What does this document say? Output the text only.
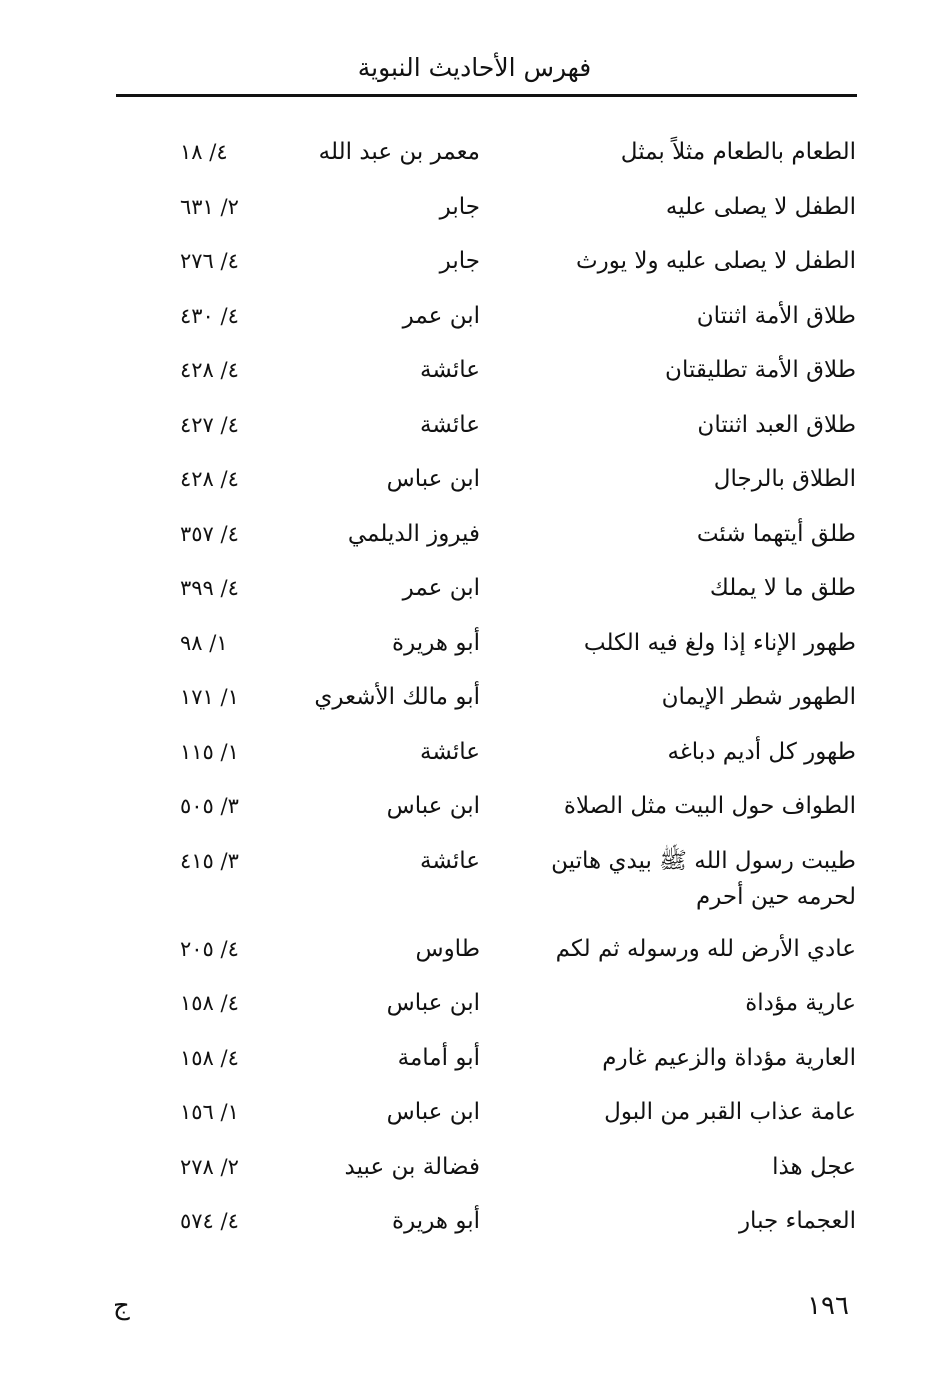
فهرس الأحاديث النبوية
الطعام بالطعام مثلاً بمثل
معمر بن عبد الله
٤/ ١٨
الطفل لا يصلى عليه
جابر
٢/ ٦٣١
الطفل لا يصلى عليه ولا يورث
جابر
٤/ ٢٧٦
طلاق الأمة اثنتان
ابن عمر
٤/ ٤٣٠
طلاق الأمة تطليقتان
عائشة
٤/ ٤٢٨
طلاق العبد اثنتان
عائشة
٤/ ٤٢٧
الطلاق بالرجال
ابن عباس
٤/ ٤٢٨
طلق أيتهما شئت
فيروز الديلمي
٤/ ٣٥٧
طلق ما لا يملك
ابن عمر
٤/ ٣٩٩
طهور الإناء إذا ولغ فيه الكلب
أبو هريرة
١/ ٩٨
الطهور شطر الإيمان
أبو مالك الأشعري
١/ ١٧١
طهور كل أديم دباغه
عائشة
١/ ١١٥
الطواف حول البيت مثل الصلاة
ابن عباس
٣/ ٥٠٥
طيبت رسول الله ﷺ بيدي هاتين لحرمه حين أحرم
عائشة
٣/ ٤١٥
عادي الأرض لله ورسوله ثم لكم
طاوس
٤/ ٢٠٥
عارية مؤداة
ابن عباس
٤/ ١٥٨
العارية مؤداة والزعيم غارم
أبو أمامة
٤/ ١٥٨
عامة عذاب القبر من البول
ابن عباس
١/ ١٥٦
عجل هذا
فضالة بن عبيد
٢/ ٢٧٨
العجماء جبار
أبو هريرة
٤/ ٥٧٤
١٩٦
ج
